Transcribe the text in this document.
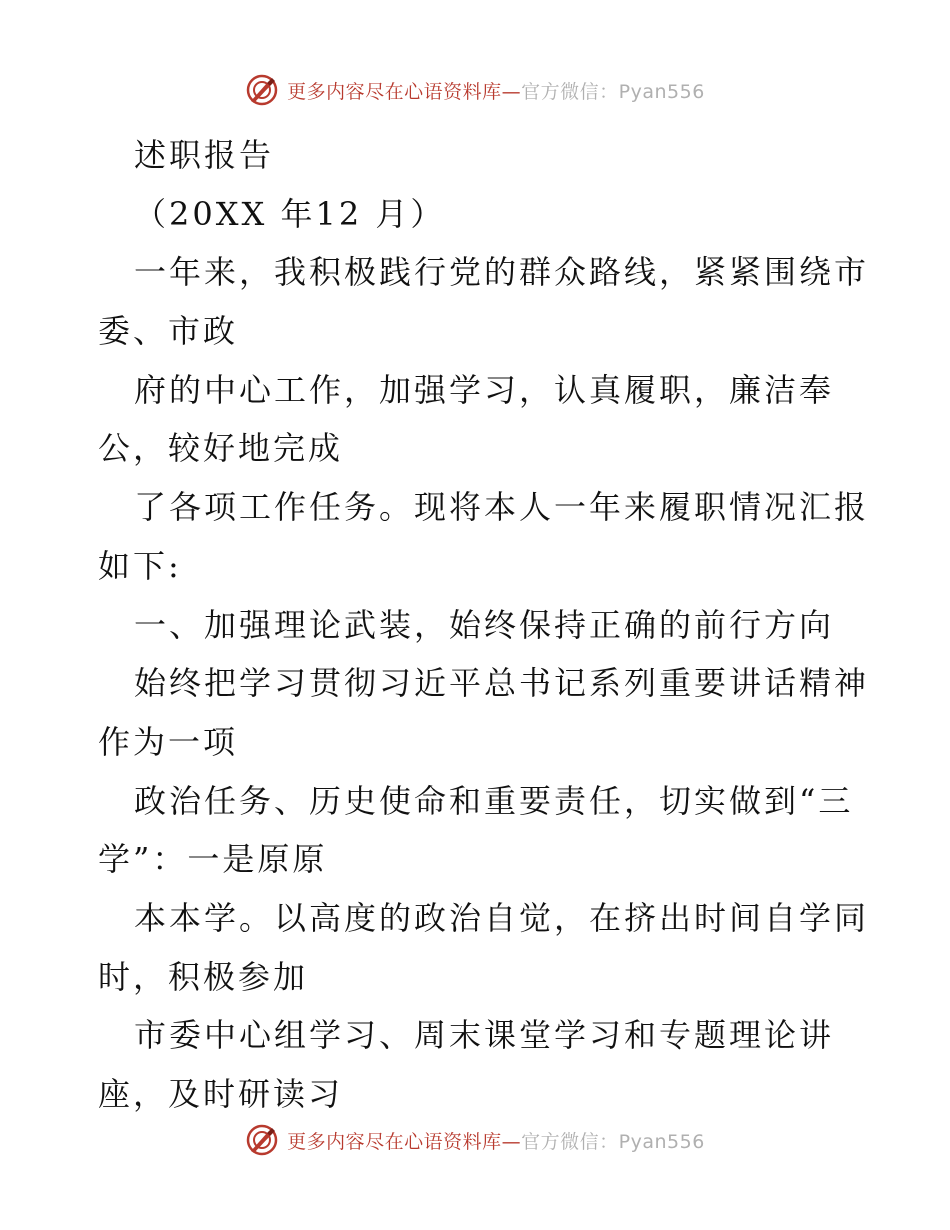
更多内容尽在心语资料库—官方微信：Pyan556
述职报告
（20XX 年12 月）
一年来，我积极践行党的群众路线，紧紧围绕市
委、市政
府的中心工作，加强学习，认真履职，廉洁奉
公，较好地完成
了各项工作任务。现将本人一年来履职情况汇报
如下:
一、加强理论武装，始终保持正确的前行方向
始终把学习贯彻习近平总书记系列重要讲话精神
作为一项
政治任务、历史使命和重要责任，切实做到“三
学”：一是原原
本本学。以高度的政治自觉，在挤出时间自学同
时，积极参加
市委中心组学习、周末课堂学习和专题理论讲
座，及时研读习
更多内容尽在心语资料库—官方微信：Pyan556
